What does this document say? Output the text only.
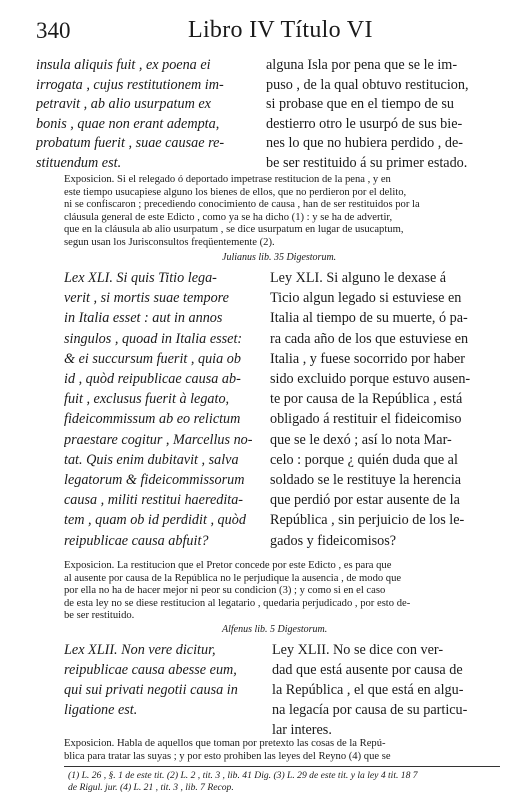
340	Libro IV Título VI
insula aliquis fuit , ex poena ei
irrogata , cujus restitutionem im-
petravit , ab alio usurpatum ex
bonis , quae non erant adempta,
probatum fuerit , suae causae re-
stituendum est.
alguna Isla por pena que se le im-
puso , de la qual obtuvo restitucion,
si probase que en el tiempo de su
destierro otro le usurpó de sus bie-
nes lo que no hubiera perdido , de-
be ser restituido á su primer estado.
Exposicion. Si el relegado ó deportado impetrase restitucion de la pena , y en
este tiempo usucapiese alguno los bienes de ellos, que no perdieron por el delito,
ni se confiscaron ; precediendo conocimiento de causa , han de ser restituidos por la
cláusula general de este Edicto , como ya se ha dicho (1) : y se ha de advertir,
que en la cláusula ab alio usurpatum , se dice usurpatum en lugar de usucaptum,
segun usan los Jurisconsultos freqüentemente (2).
Julianus lib. 35 Digestorum.
Lex XLI. Si quis Titio lega-
verit , si mortis suae tempore
in Italia esset : aut in annos
singulos , quoad in Italia esset:
& ei succursum fuerit , quia ob
id , quòd reipublicae causa ab-
fuit , exclusus fuerit à legato,
fideicommissum ab eo relictum
praestare cogitur , Marcellus no-
tat. Quis enim dubitavit , salva
legatorum & fideicommissorum
causa , militi restitui haeredita-
tem , quam ob id perdidit , quòd
reipublicae causa abfuit?
Ley XLI. Si alguno le dexase á
Ticio algun legado si estuviese en
Italia al tiempo de su muerte, ó pa-
ra cada año de los que estuviese en
Italia , y fuese socorrido por haber
sido excluido porque estuvo ausen-
te por causa de la República , está
obligado á restituir el fideicomiso
que se le dexó ; así lo nota Mar-
celo : porque ¿ quién duda que al
soldado se le restituye la herencia
que perdió por estar ausente de la
República , sin perjuicio de los le-
gados y fideicomisos?
Exposicion. La restitucion que el Pretor concede por este Edicto , es para que
al ausente por causa de la República no le perjudique la ausencia , de modo que
por ella no ha de hacer mejor ni peor su condicion (3) ; y como si en el caso
de esta ley no se diese restitucion al legatario , quedaria perjudicado , por esto de-
be ser restituido.
Alfenus lib. 5 Digestorum.
Lex XLII. Non vere dicitur,
reipublicae causa abesse eum,
qui sui privati negotii causa in
ligatione est.
Ley XLII. No se dice con ver-
dad que está ausente por causa de
la República , el que está en algu-
na legacía por causa de su particu-
lar interes.
Exposicion. Habla de aquellos que toman por pretexto las cosas de la Repú-
blica para tratar las suyas ; y por esto prohiben las leyes del Reyno (4) que se
(1) L. 26 , §. 1 de este tit. (2) L. 2 , tit. 3 , lib. 41 Dig. (3) L. 29 de este tit. y la ley 4 tit. 18 7
de Rigul. jur. (4) L. 21 , tit. 3 , lib. 7 Recop.
